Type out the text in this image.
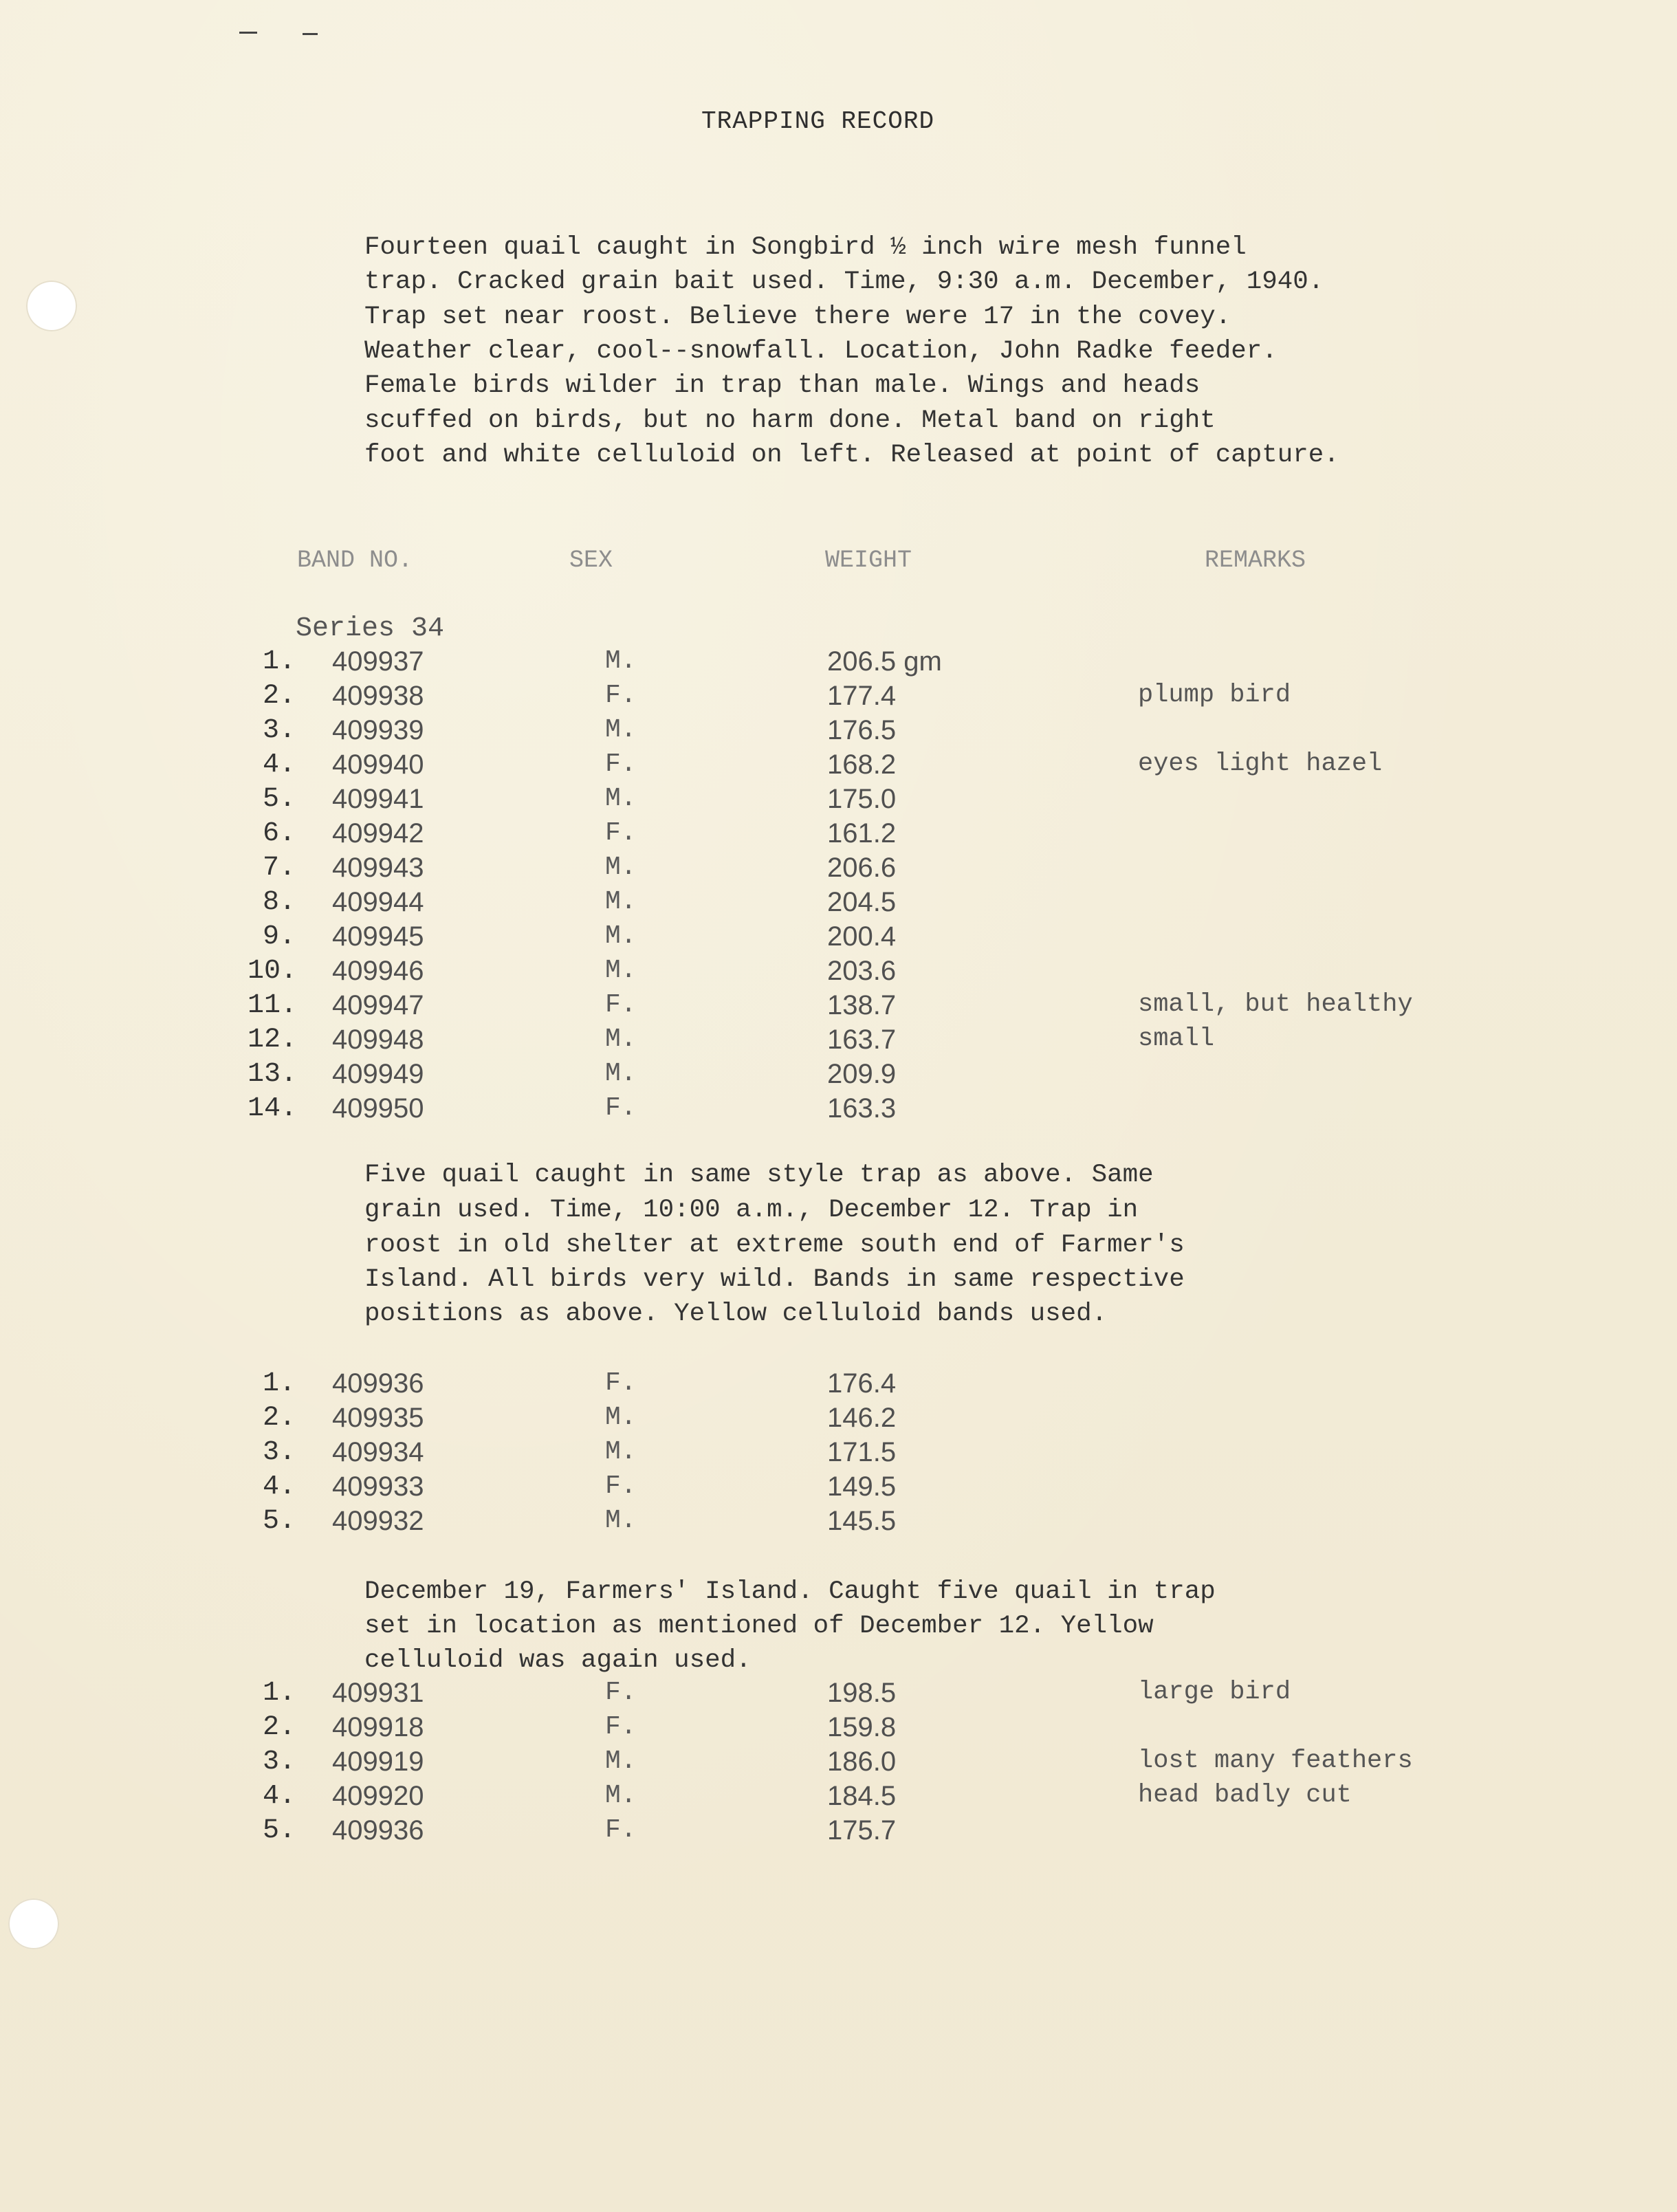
TRAPPING RECORD
Fourteen quail caught in Songbird ½ inch wire mesh funnel
trap. Cracked grain bait used. Time, 9:30 a.m. December, 1940.
Trap set near roost. Believe there were 17 in the covey.
Weather clear, cool--snowfall. Location, John Radke feeder.
Female birds wilder in trap than male. Wings and heads
scuffed on birds, but no harm done. Metal band on right
foot and white celluloid on left. Released at point of capture.
BAND NO.	SEX	WEIGHT	REMARKS
Series 34
1. 409937	M.	206.5 gm
2. 409938	F.	177.4	plump bird
3. 409939	M.	176.5
4. 409940	F.	168.2	eyes light hazel
5. 409941	M.	175.0
6. 409942	F.	161.2
7. 409943	M.	206.6
8. 409944	M.	204.5
9. 409945	M.	200.4
10. 409946	M.	203.6
11. 409947	F.	138.7	small, but healthy
12. 409948	M.	163.7	small
13. 409949	M.	209.9
14. 409950	F.	163.3
Five quail caught in same style trap as above. Same
grain used. Time, 10:00 a.m., December 12. Trap in
roost in old shelter at extreme south end of Farmer's
Island. All birds very wild. Bands in same respective
positions as above. Yellow celluloid bands used.
1. 409936	F.	176.4
2. 409935	M.	146.2
3. 409934	M.	171.5
4. 409933	F.	149.5
5. 409932	M.	145.5
December 19, Farmers' Island. Caught five quail in trap
set in location as mentioned of December 12. Yellow
celluloid was again used.
1. 409931	F.	198.5	large bird
2. 409918	F.	159.8
3. 409919	M.	186.0	lost many feathers
4. 409920	M.	184.5	head badly cut
5. 409936	F.	175.7
